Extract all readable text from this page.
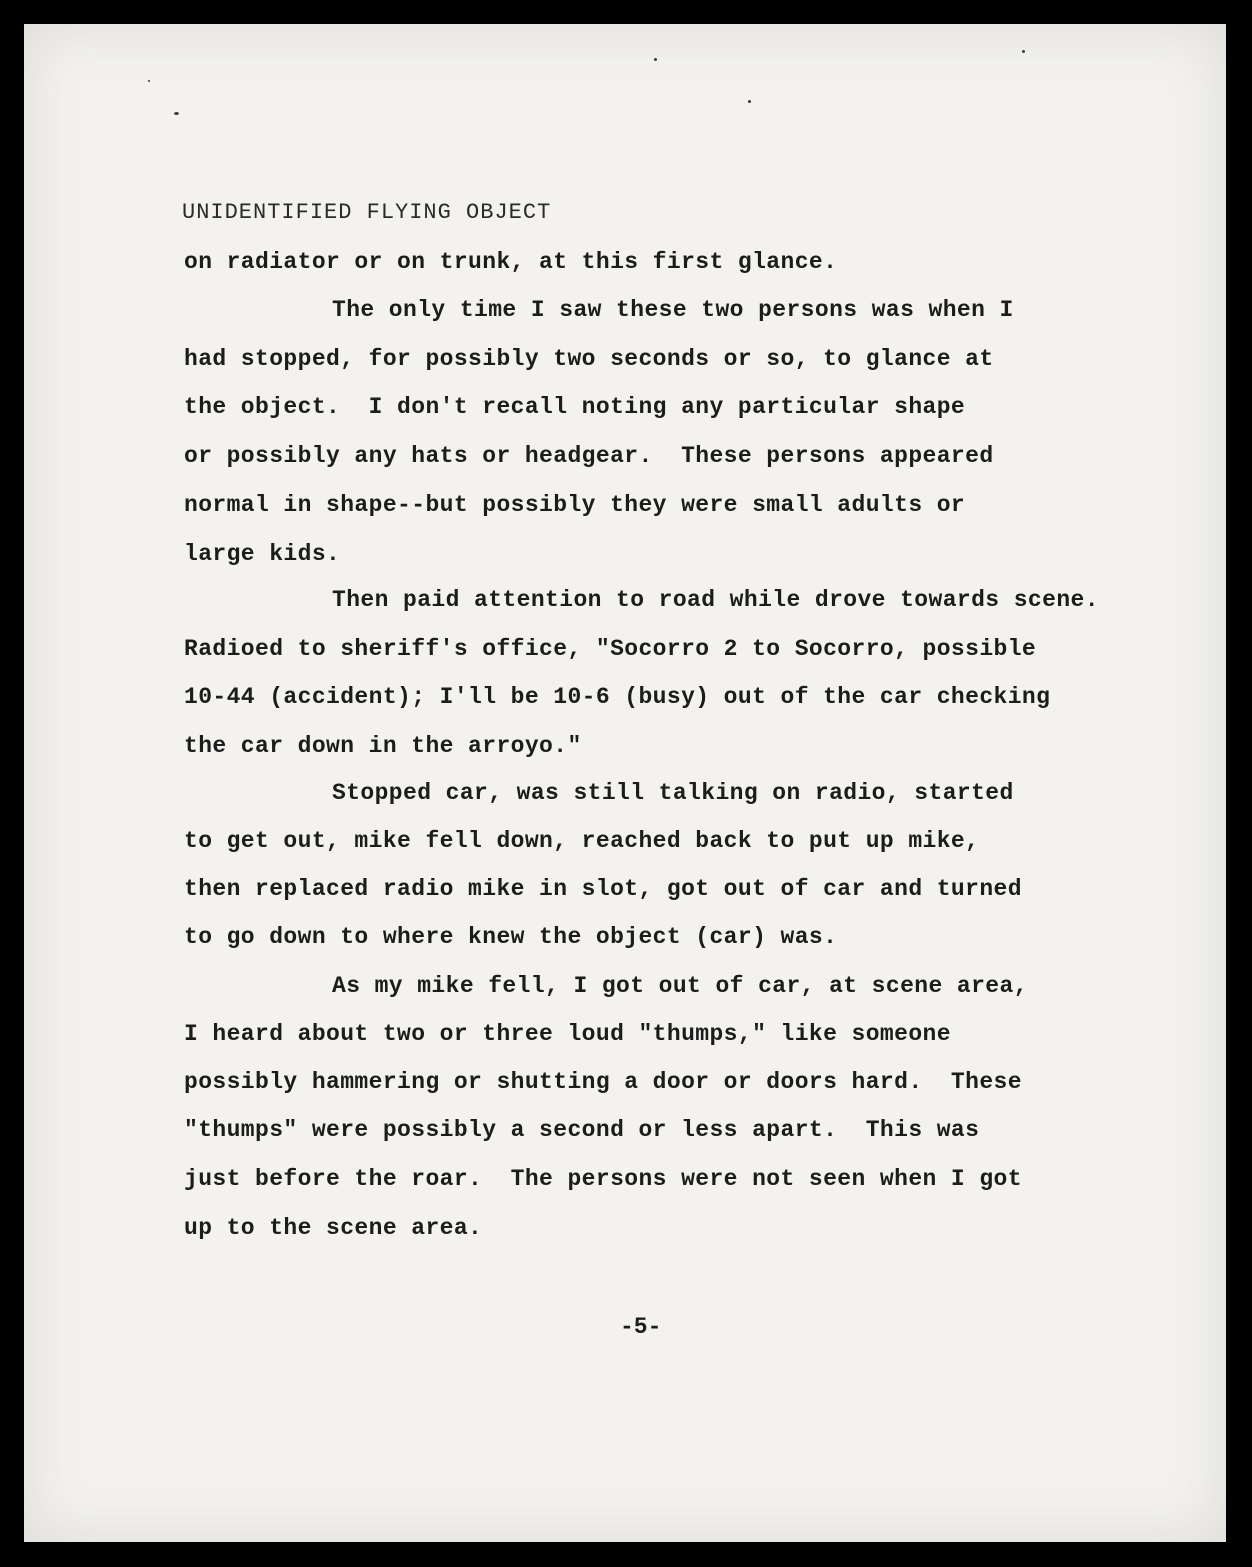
UNIDENTIFIED FLYING OBJECT
on radiator or on trunk, at this first glance.
The only time I saw these two persons was when I
had stopped, for possibly two seconds or so, to glance at
the object.  I don't recall noting any particular shape
or possibly any hats or headgear.  These persons appeared
normal in shape--but possibly they were small adults or
large kids.
Then paid attention to road while drove towards scene.
Radioed to sheriff's office, "Socorro 2 to Socorro, possible
10-44 (accident); I'll be 10-6 (busy) out of the car checking
the car down in the arroyo."
Stopped car, was still talking on radio, started
to get out, mike fell down, reached back to put up mike,
then replaced radio mike in slot, got out of car and turned
to go down to where knew the object (car) was.
As my mike fell, I got out of car, at scene area,
I heard about two or three loud "thumps," like someone
possibly hammering or shutting a door or doors hard.  These
"thumps" were possibly a second or less apart.  This was
just before the roar.  The persons were not seen when I got
up to the scene area.
-5-
